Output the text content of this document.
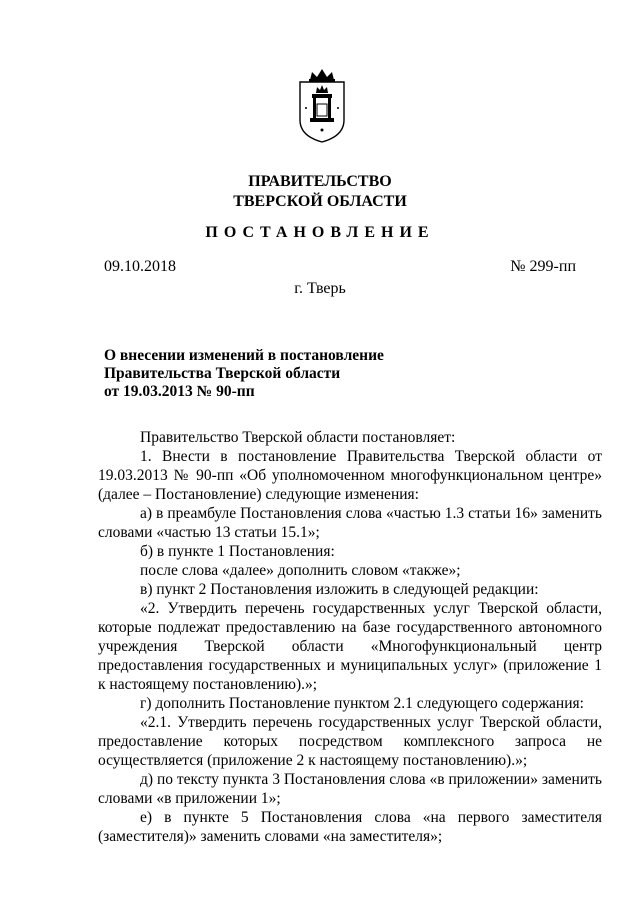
ПРАВИТЕЛЬСТВО
ТВЕРСКОЙ ОБЛАСТИ
ПОСТАНОВЛЕНИЕ
09.10.2018	№ 299-пп
г. Тверь
О внесении изменений в постановление
Правительства Тверской области
от 19.03.2013 № 90-пп

Правительство Тверской области постановляет:

1. Внести в постановление Правительства Тверской области от 19.03.2013 № 90-пп «Об уполномоченном многофункциональном центре» (далее – Постановление) следующие изменения:

а) в преамбуле Постановления слова «частью 1.3 статьи 16» заменить словами «частью 13 статьи 15.1»;

б) в пункте 1 Постановления:

после слова «далее» дополнить словом «также»;

в) пункт 2 Постановления изложить в следующей редакции:

«2. Утвердить перечень государственных услуг Тверской области, которые подлежат предоставлению на базе государственного автономного учреждения Тверской области «Многофункциональный центр предоставления государственных и муниципальных услуг» (приложение 1 к настоящему постановлению).»;

г) дополнить Постановление пунктом 2.1 следующего содержания:

«2.1. Утвердить перечень государственных услуг Тверской области, предоставление которых посредством комплексного запроса не осуществляется (приложение 2 к настоящему постановлению).»;

д) по тексту пункта 3 Постановления слова «в приложении» заменить словами «в приложении 1»;

е) в пункте 5 Постановления слова «на первого заместителя (заместителя)» заменить словами «на заместителя»;
